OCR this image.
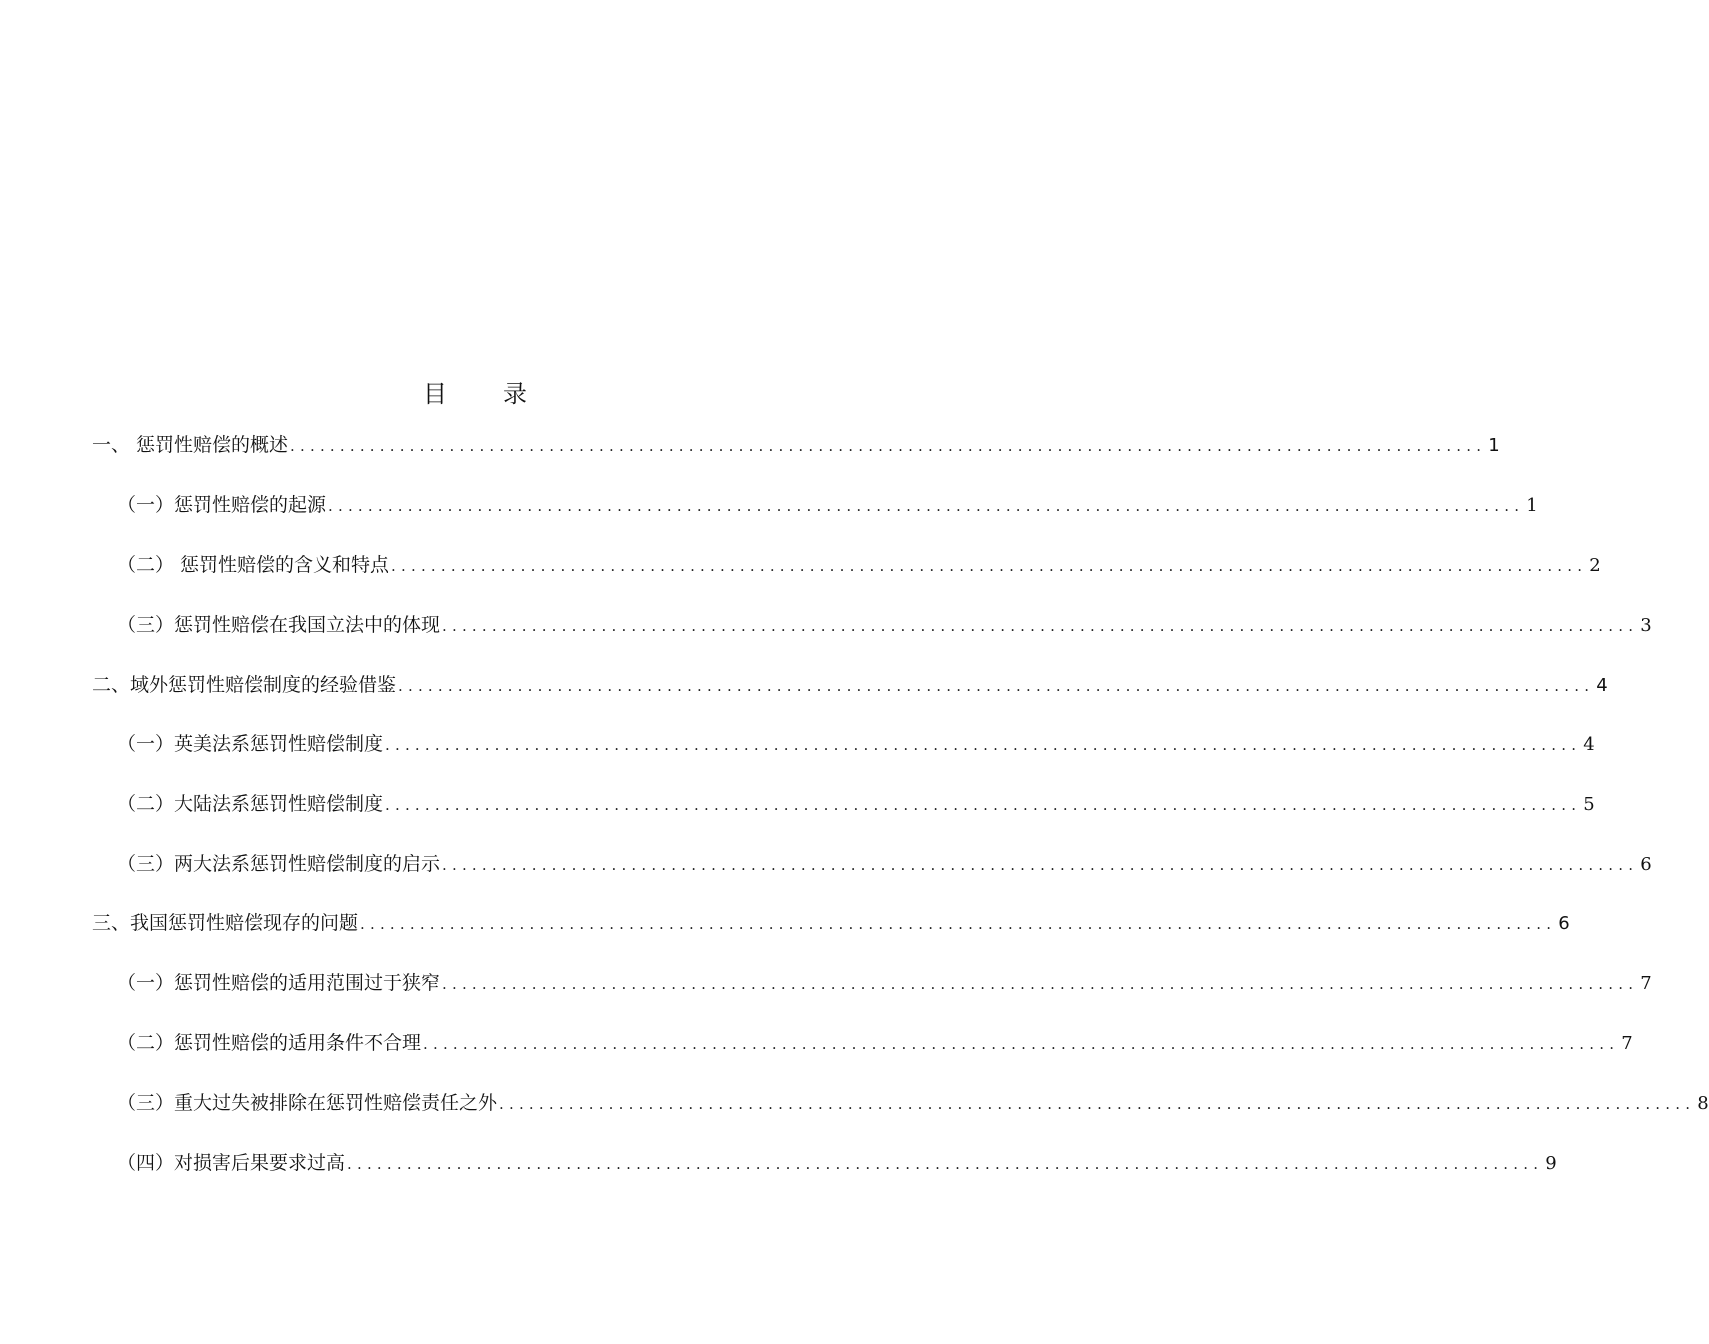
目 录
一、 惩罚性赔偿的概述 ........................................................................................................................ 1
（一）惩罚性赔偿的起源 ........................................................................................................................ 1
（二） 惩罚性赔偿的含义和特点 ........................................................................................................................ 2
（三）惩罚性赔偿在我国立法中的体现 ........................................................................................................................ 3
二、域外惩罚性赔偿制度的经验借鉴 ........................................................................................................................ 4
（一）英美法系惩罚性赔偿制度 ........................................................................................................................ 4
（二）大陆法系惩罚性赔偿制度 ........................................................................................................................ 5
（三）两大法系惩罚性赔偿制度的启示 ........................................................................................................................ 6
三、我国惩罚性赔偿现存的问题 ........................................................................................................................ 6
（一）惩罚性赔偿的适用范围过于狭窄 ........................................................................................................................ 7
（二）惩罚性赔偿的适用条件不合理 ........................................................................................................................ 7
（三）重大过失被排除在惩罚性赔偿责任之外 ........................................................................................................................ 8
（四）对损害后果要求过高 ........................................................................................................................ 9
